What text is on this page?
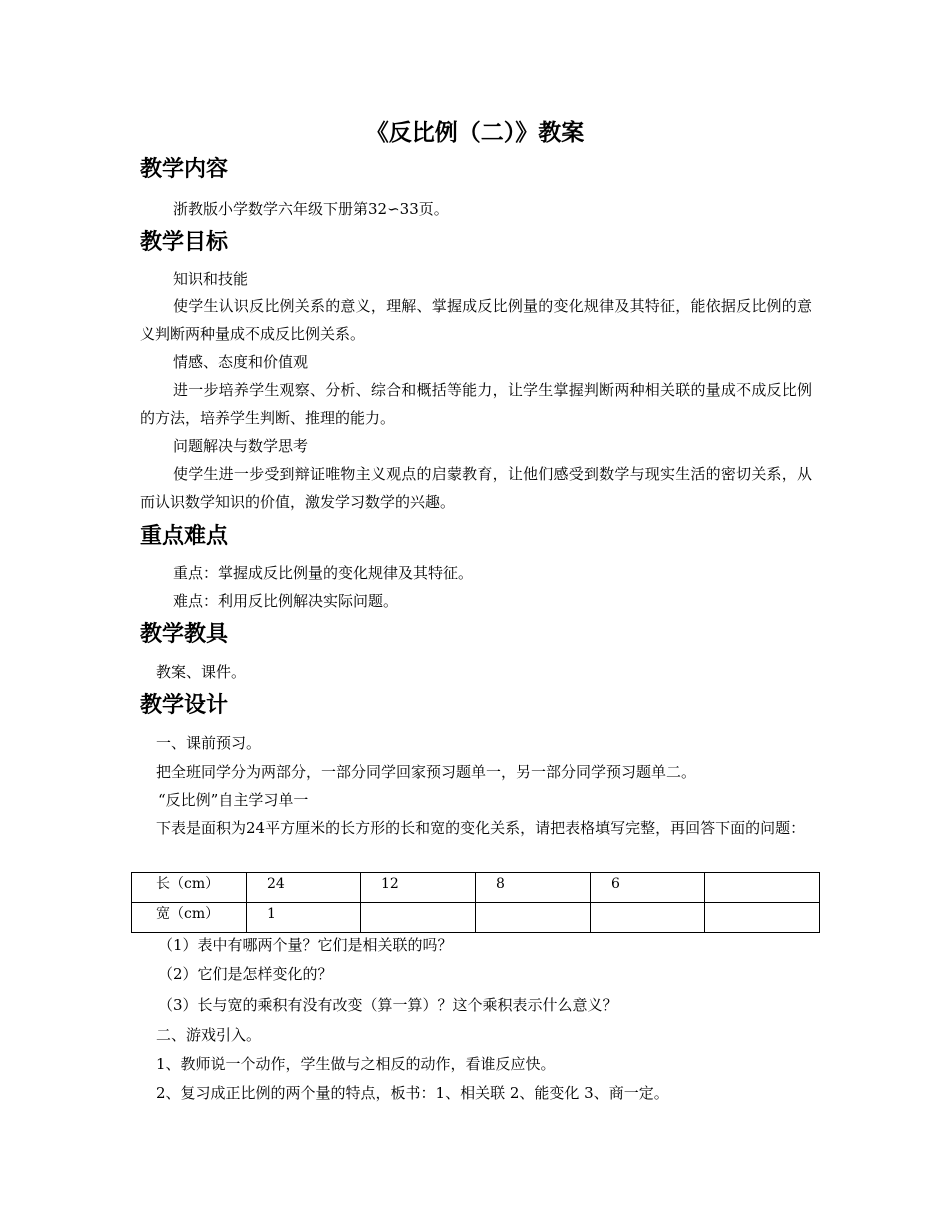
《反比例（二）》教案
教学内容
浙教版小学数学六年级下册第32∽33页。
教学目标
知识和技能
使学生认识反比例关系的意义，理解、掌握成反比例量的变化规律及其特征，能依据反比例的意义判断两种量成不成反比例关系。
情感、态度和价值观
进一步培养学生观察、分析、综合和概括等能力，让学生掌握判断两种相关联的量成不成反比例的方法，培养学生判断、推理的能力。
问题解决与数学思考
使学生进一步受到辩证唯物主义观点的启蒙教育，让他们感受到数学与现实生活的密切关系，从而认识数学知识的价值，激发学习数学的兴趣。
重点难点
重点：掌握成反比例量的变化规律及其特征。
难点：利用反比例解决实际问题。
教学教具
教案、课件。
教学设计
一、课前预习。
把全班同学分为两部分，一部分同学回家预习题单一，另一部分同学预习题单二。
“反比例”自主学习单一
下表是面积为24平方厘米的长方形的长和宽的变化关系，请把表格填写完整，再回答下面的问题：
长（cm）	24	12	8	6	
宽（cm）	1				
（1）表中有哪两个量？它们是相关联的吗？
（2）它们是怎样变化的？
（3）长与宽的乘积有没有改变（算一算）？这个乘积表示什么意义？
二、游戏引入。
1、教师说一个动作，学生做与之相反的动作，看谁反应快。
2、复习成正比例的两个量的特点，板书：1、相关联 2、能变化 3、商一定。
